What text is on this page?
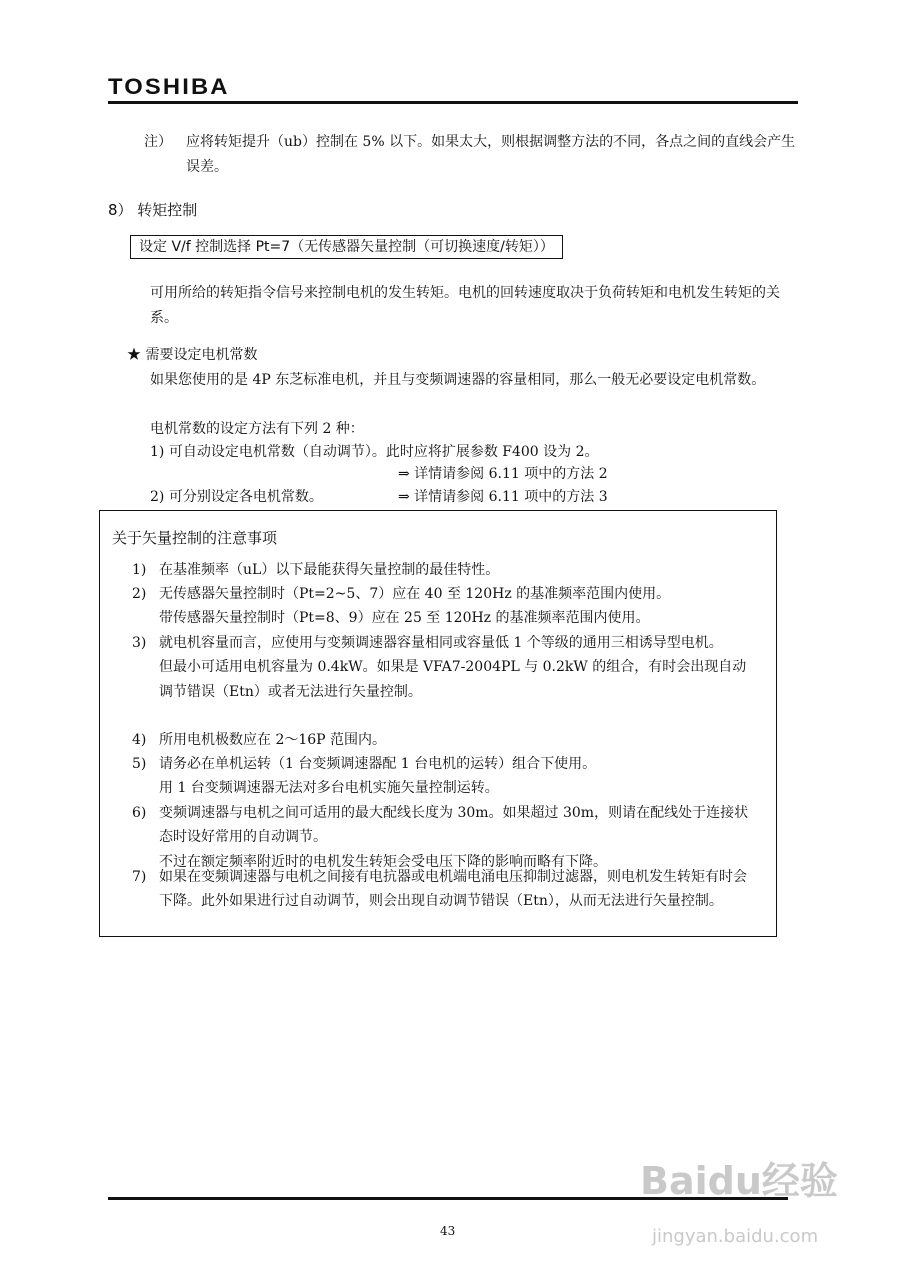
TOSHIBA
注） 应将转矩提升（ub）控制在 5% 以下。如果太大，则根据调整方法的不同，各点之间的直线会产生误差。
8） 转矩控制
设定 V/f 控制选择 Pt=7（无传感器矢量控制（可切换速度/转矩））
可用所给的转矩指令信号来控制电机的发生转矩。电机的回转速度取决于负荷转矩和电机发生转矩的关系。
★ 需要设定电机常数
如果您使用的是 4P 东芝标准电机，并且与变频调速器的容量相同，那么一般无必要设定电机常数。
电机常数的设定方法有下列 2 种：
1) 可自动设定电机常数（自动调节）。此时应将扩展参数 F400 设为 2。
⇒ 详情请参阅 6.11 项中的方法 2
2) 可分别设定各电机常数。	⇒ 详情请参阅 6.11 项中的方法 3
关于矢量控制的注意事项
1) 在基准频率（uL）以下最能获得矢量控制的最佳特性。

2) 无传感器矢量控制时（Pt=2~5、7）应在 40 至 120Hz 的基准频率范围内使用。

带传感器矢量控制时（Pt=8、9）应在 25 至 120Hz 的基准频率范围内使用。

3) 就电机容量而言，应使用与变频调速器容量相同或容量低 1 个等级的通用三相诱导型电机。

但最小可适用电机容量为 0.4kW。如果是 VFA7-2004PL 与 0.2kW 的组合，有时会出现自动调节错误（Etn）或者无法进行矢量控制。

4) 所用电机极数应在 2～16P 范围内。

5) 请务必在单机运转（1 台变频调速器配 1 台电机的运转）组合下使用。

用 1 台变频调速器无法对多台电机实施矢量控制运转。

6) 变频调速器与电机之间可适用的最大配线长度为 30m。如果超过 30m，则请在配线处于连接状态时设好常用的自动调节。

不过在额定频率附近时的电机发生转矩会受电压下降的影响而略有下降。

7) 如果在变频调速器与电机之间接有电抗器或电机端电涌电压抑制过滤器，则电机发生转矩有时会下降。此外如果进行过自动调节，则会出现自动调节错误（Etn），从而无法进行矢量控制。

43
Baidu经验
jingyan.baidu.com
